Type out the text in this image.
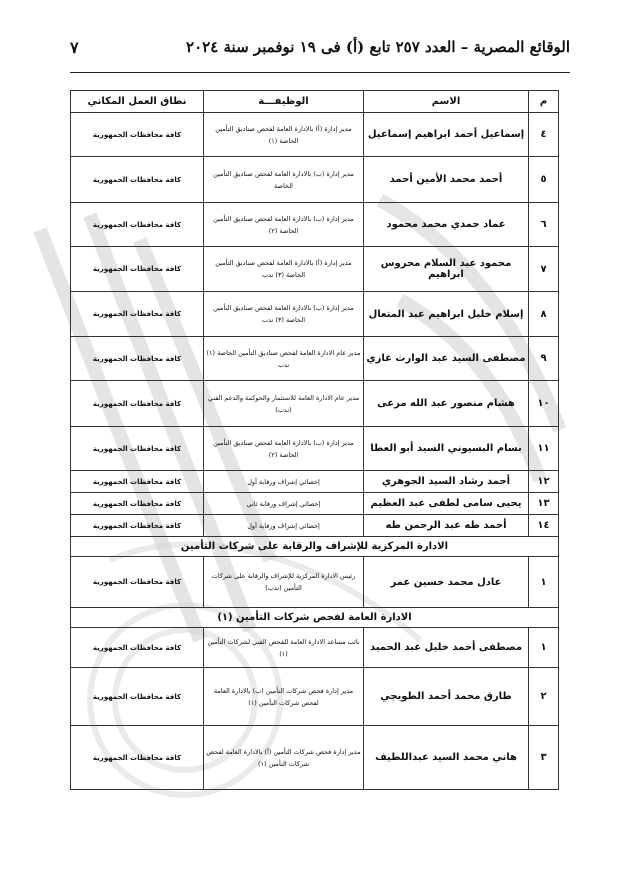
الوقائع المصرية – العدد ٢٥٧ تابع (أ) فى ١٩ نوفمبر سنة ٢٠٢٤
٧
م	الاسم	الوظيفـــة	نطاق العمل المكاني
٤	إسماعيل أحمد ابراهيم إسماعيل	مدير إدارة (أ) بالادارة العامة لفحص صناديق التأمين الخاصة (١)	كافة محافظات الجمهورية
٥	أحمد محمد الأمين أحمد	مدير إدارة (ب) بالادارة العامة لفحص صناديق التأمين الخاصة	كافة محافظات الجمهورية
٦	عماد حمدي محمد محمود	مدير إدارة (ب) بالادارة العامة لفحص صناديق التأمين الخاصة (٢)	كافة محافظات الجمهورية
٧	محمود عبد السلام محروس ابراهيم	مدير إدارة (أ) بالادارة العامة لفحص صناديق التأمين الخاصة (٣) ندب	كافة محافظات الجمهورية
٨	إسلام خليل ابراهيم عبد المتعال	مدير إدارة (ب) بالادارة العامة لفحص صناديق التأمين الخاصة (٣) ندب	كافة محافظات الجمهورية
٩	مصطفى السيد عبد الوارث غازي	مدير عام الادارة العامة لفحص صناديق التأمين الخاصة (١) ندب	كافة محافظات الجمهورية
١٠	هشام منصور عبد الله مرعى	مدير عام الادارة العامة للاستثمار والحوكمة والدعم الفني (ندب)	كافة محافظات الجمهورية
١١	بسام البسيوني السيد أبو العطا	مدير إدارة (ب) بالادارة العامة لفحص صناديق التأمين الخاصة (٢)	كافة محافظات الجمهورية
١٢	أحمد رشاد السيد الجوهري	إخصائي إشراف ورقابة أول	كافة محافظات الجمهورية
١٣	يحيى سامى لطفى عبد العظيم	إخصائي إشراف ورقابة ثاني	كافة محافظات الجمهورية
١٤	أحمد طه عبد الرحمن طه	إخصائي إشراف ورقابة أول	كافة محافظات الجمهورية
الادارة المركزية للإشراف والرقابة على شركات التأمين			
١	عادل محمد حسين عمر	رئيس الادارة المركزية للإشراف والرقابة على شركات التأمين (ندب)	كافة محافظات الجمهورية
الادارة العامة لفحص شركات التأمين (١)			
١	مصطفى أحمد خليل عبد الحميد	نائب مساعد الادارة العامة للفحص الفني لشركات التأمين (١)	كافة محافظات الجمهورية
٢	طارق محمد أحمد الطويجي	مدير إدارة فحص شركات التأمين (ب) بالادارة العامة لفحص شركات التأمين (١)	كافة محافظات الجمهورية
٣	هاني محمد السيد عبداللطيف	مدير إدارة فحص شركات التأمين (أ) بالادارة العامة لفحص شركات التأمين (١)	كافة محافظات الجمهورية
